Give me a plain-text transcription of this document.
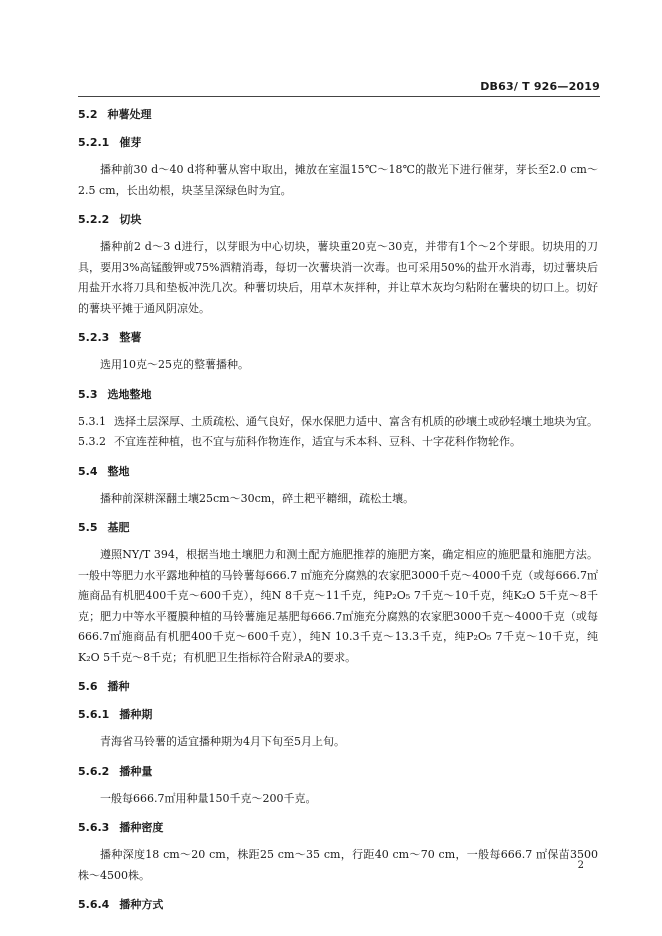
DB63/ T 926—2019
5.2 种薯处理
5.2.1 催芽
播种前30 d～40 d将种薯从窖中取出，摊放在室温15℃～18℃的散光下进行催芽，芽长至2.0 cm～2.5 cm，长出幼根，块茎呈深绿色时为宜。
5.2.2 切块
播种前2 d～3 d进行，以芽眼为中心切块，薯块重20克～30克，并带有1个～2个芽眼。切块用的刀具，要用3%高锰酸钾或75%酒精消毒，每切一次薯块消一次毒。也可采用50%的盐开水消毒，切过薯块后用盐开水将刀具和垫板冲洗几次。种薯切块后，用草木灰拌种，并让草木灰均匀粘附在薯块的切口上。切好的薯块平摊于通风阴凉处。
5.2.3 整薯
选用10克～25克的整薯播种。
5.3 选地整地
5.3.1 选择土层深厚、土质疏松、通气良好，保水保肥力适中、富含有机质的砂壤土或砂轻壤土地块为宜。
5.3.2 不宜连茬种植，也不宜与茄科作物连作，适宜与禾本科、豆科、十字花科作物轮作。
5.4 整地
播种前深耕深翻土壤25cm～30cm，碎土耙平耱细，疏松土壤。
5.5 基肥
遵照NY/T 394，根据当地土壤肥力和测土配方施肥推荐的施肥方案，确定相应的施肥量和施肥方法。一般中等肥力水平露地种植的马铃薯每666.7 ㎡施充分腐熟的农家肥3000千克～4000千克（或每666.7㎡施商品有机肥400千克～600千克），纯N 8千克～11千克，纯P₂O₅ 7千克～10千克，纯K₂O 5千克～8千克；肥力中等水平覆膜种植的马铃薯施足基肥每666.7㎡施充分腐熟的农家肥3000千克～4000千克（或每666.7㎡施商品有机肥400千克～600千克），纯N 10.3千克～13.3千克，纯P₂O₅ 7千克～10千克，纯K₂O 5千克～8千克；有机肥卫生指标符合附录A的要求。
5.6 播种
5.6.1 播种期
青海省马铃薯的适宜播种期为4月下旬至5月上旬。
5.6.2 播种量
一般每666.7㎡用种量150千克～200千克。
5.6.3 播种密度
播种深度18 cm～20 cm，株距25 cm～35 cm，行距40 cm～70 cm，一般每666.7 ㎡保苗3500株～4500株。
5.6.4 播种方式
2
